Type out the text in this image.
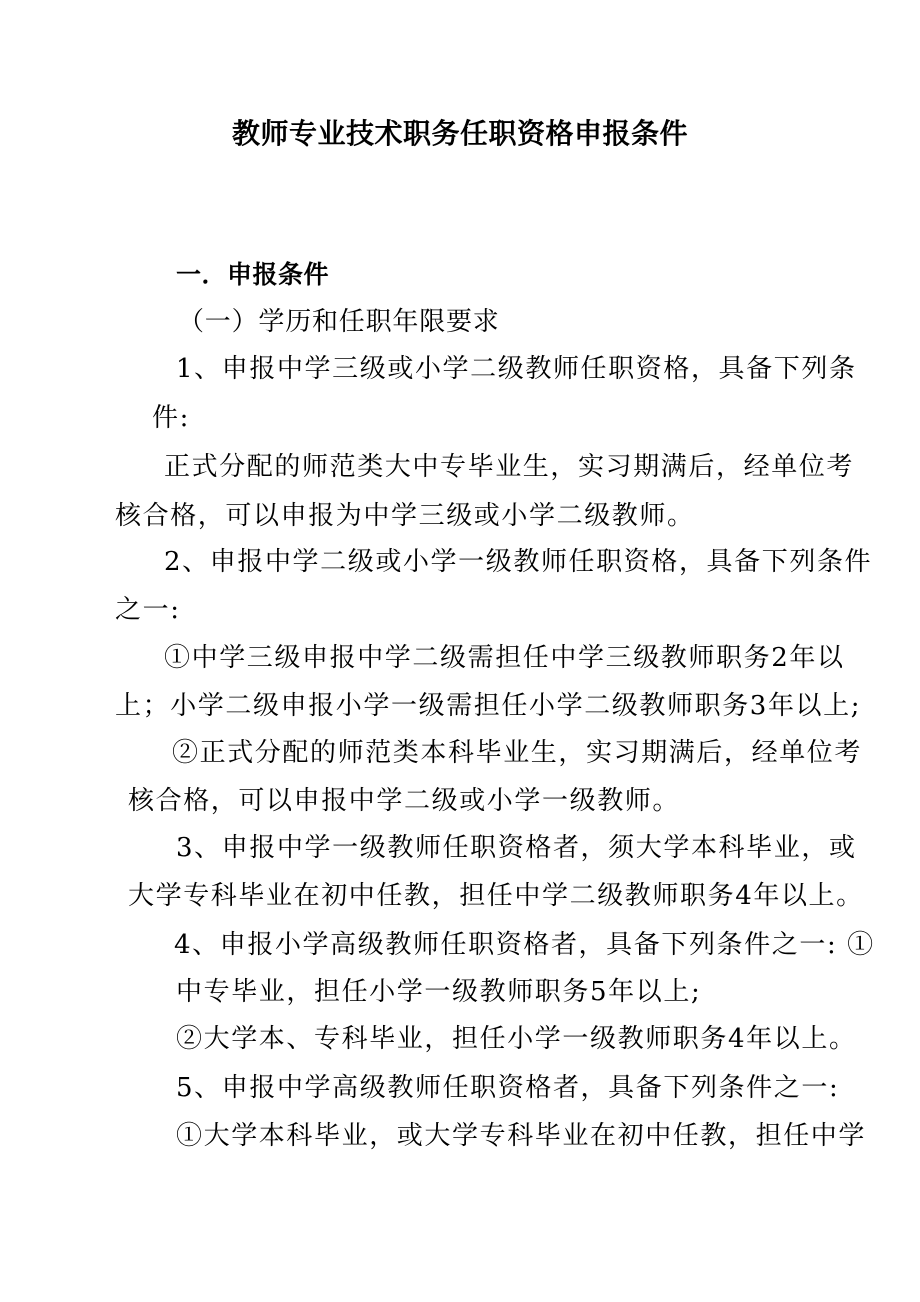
教师专业技术职务任职资格申报条件
一．申报条件
（一）学历和任职年限要求
1、申报中学三级或小学二级教师任职资格，具备下列条
件:
正式分配的师范类大中专毕业生，实习期满后，经单位考
核合格，可以申报为中学三级或小学二级教师。
2、申报中学二级或小学一级教师任职资格，具备下列条件
之一:
①中学三级申报中学二级需担任中学三级教师职务2年以
上；小学二级申报小学一级需担任小学二级教师职务3年以上;
②正式分配的师范类本科毕业生，实习期满后，经单位考
核合格，可以申报中学二级或小学一级教师。
3、申报中学一级教师任职资格者，须大学本科毕业，或
大学专科毕业在初中任教，担任中学二级教师职务4年以上。
4、申报小学高级教师任职资格者，具备下列条件之一: ①
中专毕业，担任小学一级教师职务5年以上;
②大学本、专科毕业，担任小学一级教师职务4年以上。
5、申报中学高级教师任职资格者，具备下列条件之一:
①大学本科毕业，或大学专科毕业在初中任教，担任中学
